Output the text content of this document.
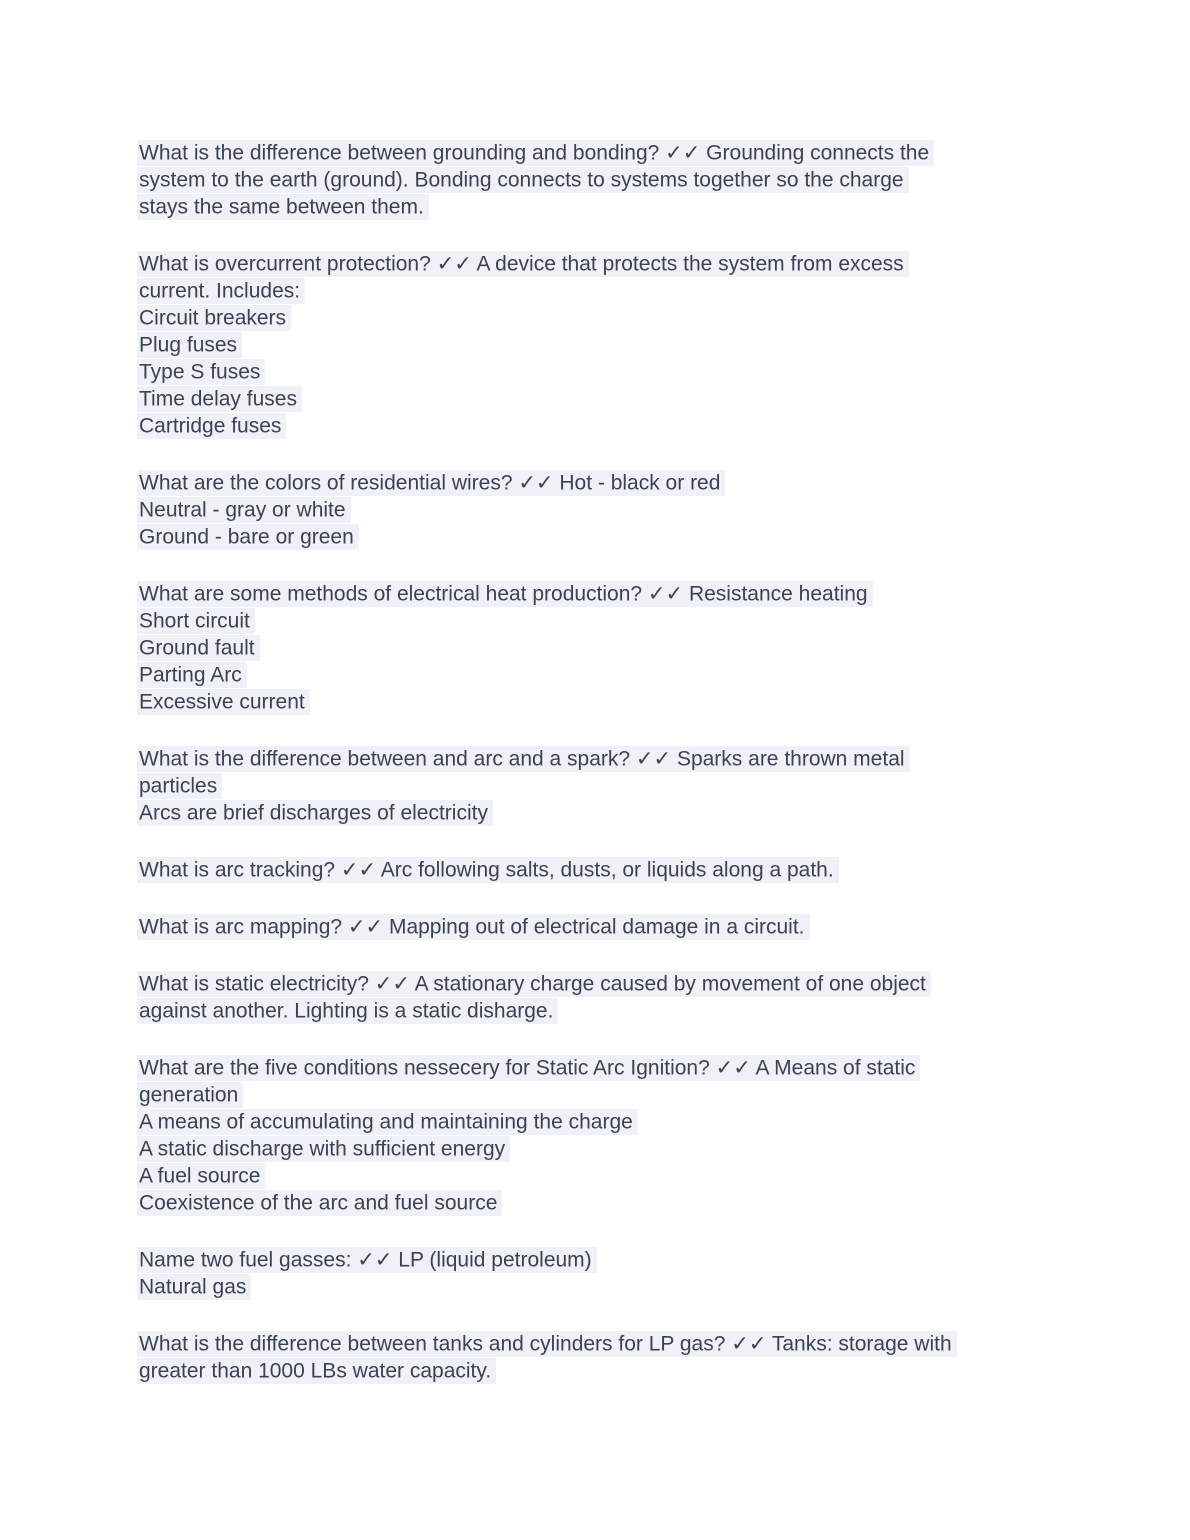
What is the difference between grounding and bonding? ✓✓ Grounding connects the
system to the earth (ground). Bonding connects to systems together so the charge
stays the same between them.

What is overcurrent protection? ✓✓ A device that protects the system from excess
current. Includes:
Circuit breakers
Plug fuses
Type S fuses
Time delay fuses
Cartridge fuses

What are the colors of residential wires? ✓✓ Hot - black or red
Neutral - gray or white
Ground - bare or green

What are some methods of electrical heat production? ✓✓ Resistance heating
Short circuit
Ground fault
Parting Arc
Excessive current

What is the difference between and arc and a spark? ✓✓ Sparks are thrown metal
particles
Arcs are brief discharges of electricity

What is arc tracking? ✓✓ Arc following salts, dusts, or liquids along a path.

What is arc mapping? ✓✓ Mapping out of electrical damage in a circuit.

What is static electricity? ✓✓ A stationary charge caused by movement of one object
against another. Lighting is a static disharge.

What are the five conditions nessecery for Static Arc Ignition? ✓✓ A Means of static
generation
A means of accumulating and maintaining the charge
A static discharge with sufficient energy
A fuel source
Coexistence of the arc and fuel source

Name two fuel gasses: ✓✓ LP (liquid petroleum)
Natural gas

What is the difference between tanks and cylinders for LP gas? ✓✓ Tanks: storage with
greater than 1000 LBs water capacity.
